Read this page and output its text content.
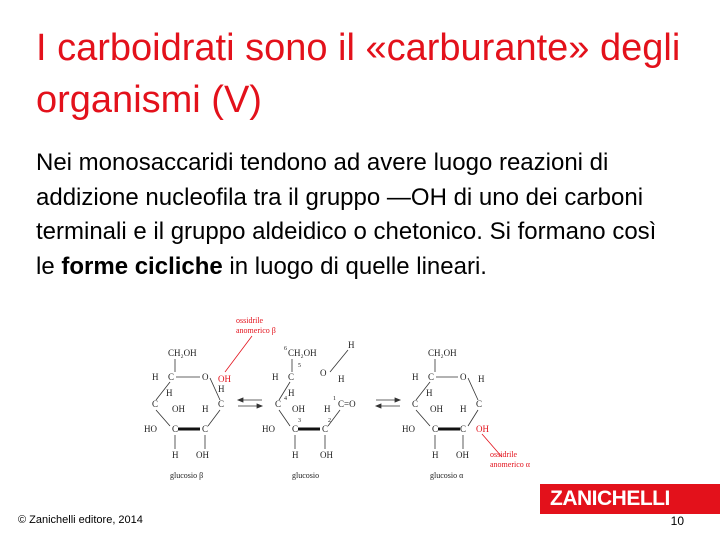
I carboidrati sono il «carburante» degli organismi (V)
Nei monosaccaridi tendono ad avere luogo reazioni di addizione nucleofila tra il gruppo —OH di uno dei carboni terminali e il gruppo aldeidico o chetonico. Si formano così le forme cicliche in luogo di quelle lineari.
ossidrile
anomerico β
CH₂OH
O OH
H C
C
H
OH H C
H
HO C	C
H OH
CH₂OH
6	H
5
C
H	O
H
C 4
H
OH H C=O
HO C
3
C
2
1
H OH
CH₂OH
H C	O H
C
H
OH H C
HO C C OH
H OH	ossidrile
anomerico α
glucosio β	glucosio	glucosio α
© Zanichelli editore, 2014
ZANICHELLI
10
